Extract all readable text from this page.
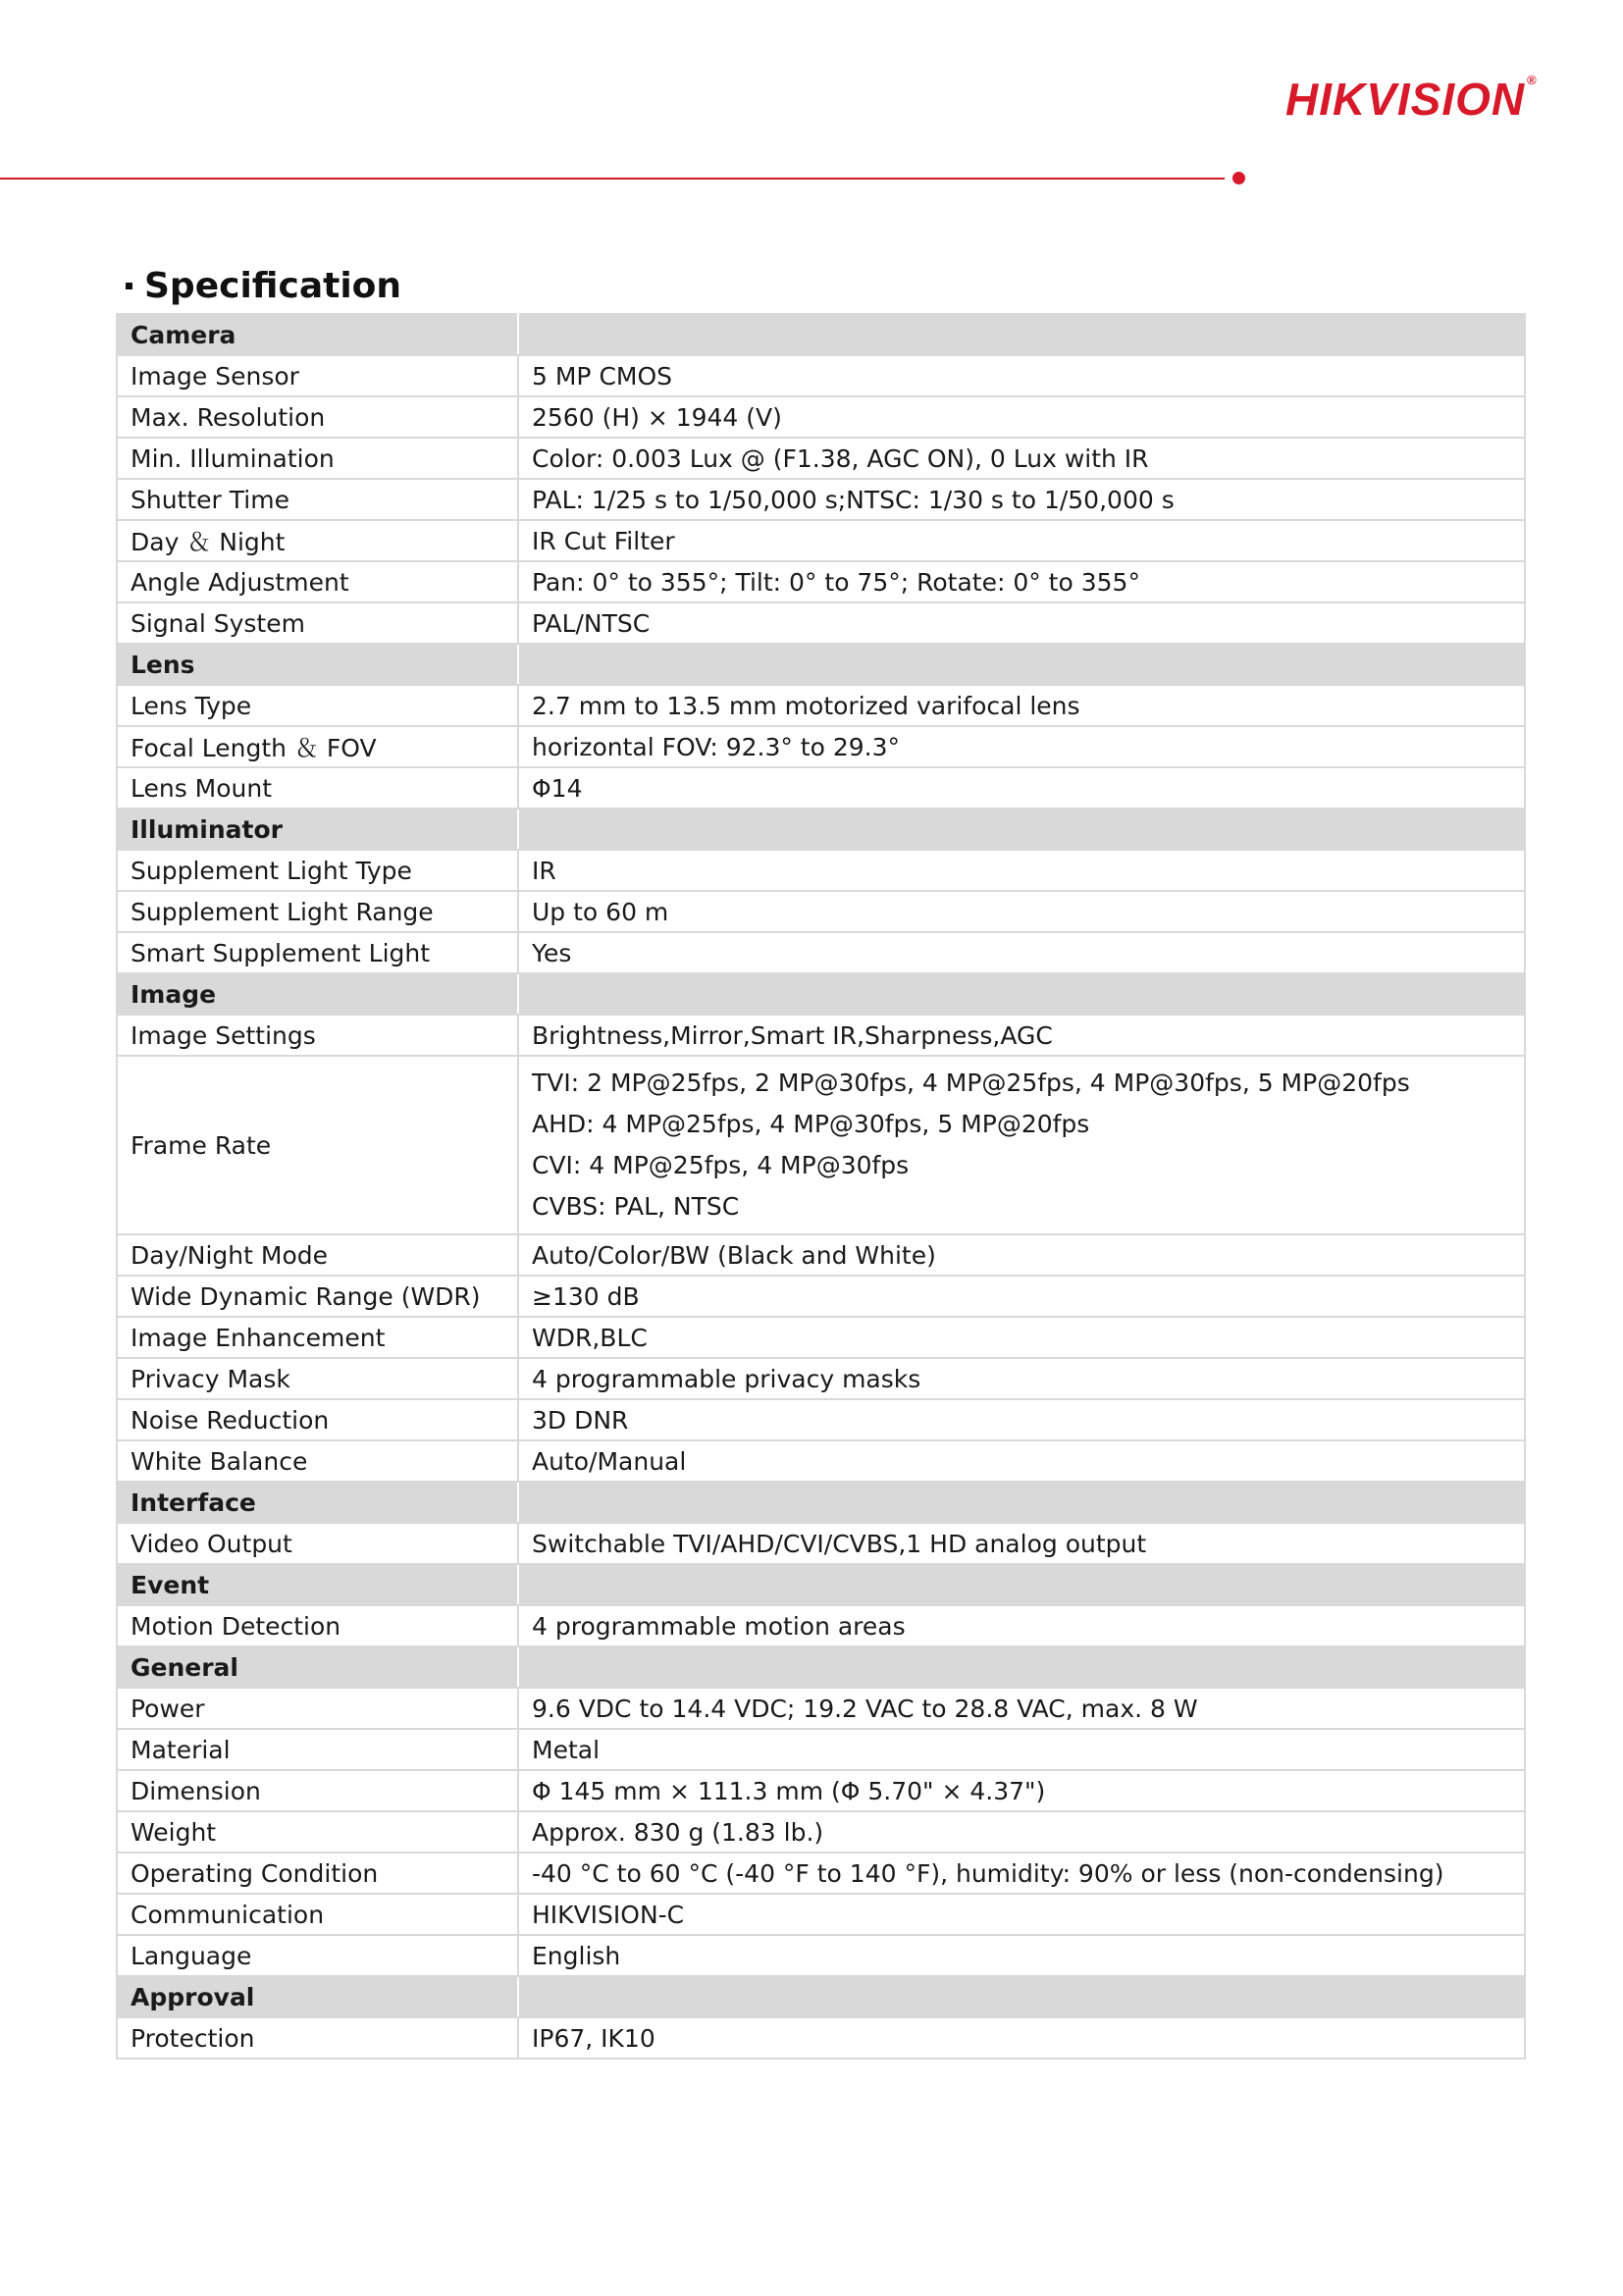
HIKVISION ®
Specification
Camera	
Image Sensor	5 MP CMOS
Max. Resolution	2560 (H) × 1944 (V)
Min. Illumination	Color: 0.003 Lux @ (F1.38, AGC ON), 0 Lux with IR
Shutter Time	PAL: 1/25 s to 1/50,000 s;NTSC: 1/30 s to 1/50,000 s
Day ＆ Night	IR Cut Filter
Angle Adjustment	Pan: 0° to 355°; Tilt: 0° to 75°; Rotate: 0° to 355°
Signal System	PAL/NTSC
Lens	
Lens Type	2.7 mm to 13.5 mm motorized varifocal lens
Focal Length ＆ FOV	horizontal FOV: 92.3° to 29.3°
Lens Mount	Φ14
Illuminator	
Supplement Light Type	IR
Supplement Light Range	Up to 60 m
Smart Supplement Light	Yes
Image	
Image Settings	Brightness,Mirror,Smart IR,Sharpness,AGC
Frame Rate	TVI: 2 MP@25fps, 2 MP@30fps, 4 MP@25fps, 4 MP@30fps, 5 MP@20fps
AHD: 4 MP@25fps, 4 MP@30fps, 5 MP@20fps
CVI: 4 MP@25fps, 4 MP@30fps
CVBS: PAL, NTSC

Day/Night Mode	Auto/Color/BW (Black and White)
Wide Dynamic Range (WDR)	≥130 dB
Image Enhancement	WDR,BLC
Privacy Mask	4 programmable privacy masks
Noise Reduction	3D DNR
White Balance	Auto/Manual
Interface	
Video Output	Switchable TVI/AHD/CVI/CVBS,1 HD analog output
Event	
Motion Detection	4 programmable motion areas
General	
Power	9.6 VDC to 14.4 VDC; 19.2 VAC to 28.8 VAC, max. 8 W
Material	Metal
Dimension	Φ 145 mm × 111.3 mm (Φ 5.70" × 4.37")
Weight	Approx. 830 g (1.83 lb.)
Operating Condition	-40 °C to 60 °C (-40 °F to 140 °F), humidity: 90% or less (non-condensing)
Communication	HIKVISION-C
Language	English
Approval	
Protection	IP67, IK10
